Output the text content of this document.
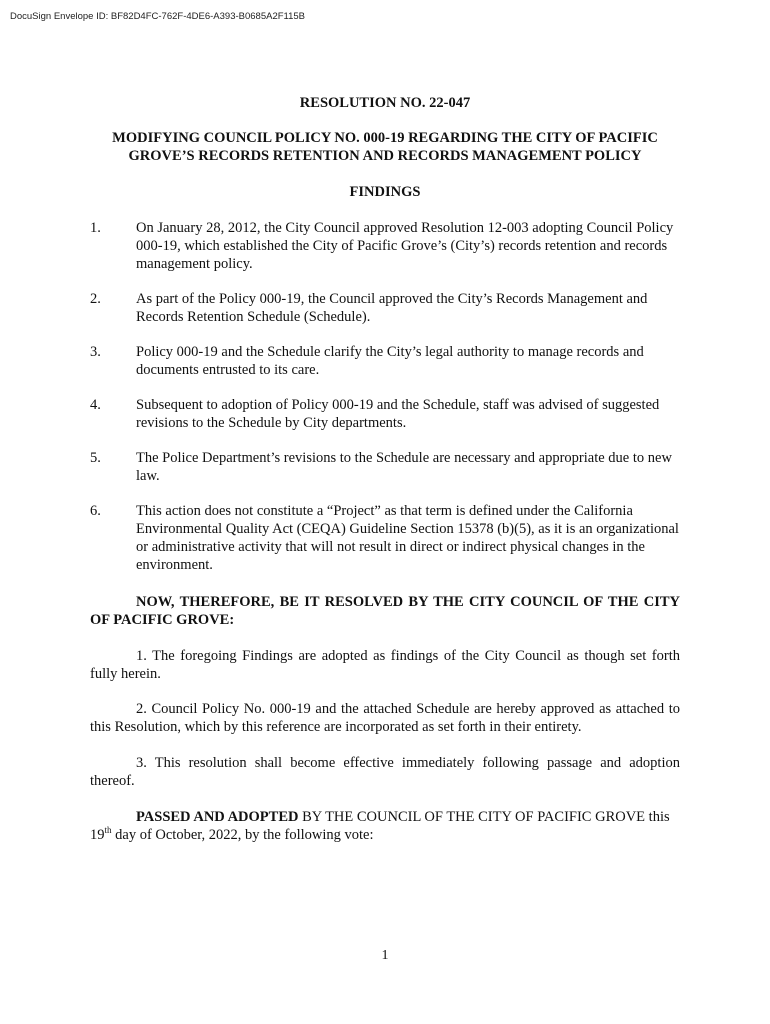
DocuSign Envelope ID: BF82D4FC-762F-4DE6-A393-B0685A2F115B
RESOLUTION NO. 22-047
MODIFYING COUNCIL POLICY NO. 000-19 REGARDING THE CITY OF PACIFIC
GROVE’S RECORDS RETENTION AND RECORDS MANAGEMENT POLICY
FINDINGS
1.	On January 28, 2012, the City Council approved Resolution 12-003 adopting Council Policy 000-19, which established the City of Pacific Grove’s (City’s) records retention and records management policy.
2.	As part of the Policy 000-19, the Council approved the City’s Records Management and Records Retention Schedule (Schedule).
3.	Policy 000-19 and the Schedule clarify the City’s legal authority to manage records and documents entrusted to its care.
4.	Subsequent to adoption of Policy 000-19 and the Schedule, staff was advised of suggested revisions to the Schedule by City departments.
5.	The Police Department’s revisions to the Schedule are necessary and appropriate due to new law.
6.	This action does not constitute a “Project” as that term is defined under the California Environmental Quality Act (CEQA) Guideline Section 15378 (b)(5), as it is an organizational or administrative activity that will not result in direct or indirect physical changes in the environment.
NOW, THEREFORE, BE IT RESOLVED BY THE CITY COUNCIL OF THE CITY OF PACIFIC GROVE:
1. The foregoing Findings are adopted as findings of the City Council as though set forth fully herein.
2. Council Policy No. 000-19 and the attached Schedule are hereby approved as attached to this Resolution, which by this reference are incorporated as set forth in their entirety.
3. This resolution shall become effective immediately following passage and adoption thereof.
PASSED AND ADOPTED BY THE COUNCIL OF THE CITY OF PACIFIC GROVE this 19th day of October, 2022, by the following vote:
1
